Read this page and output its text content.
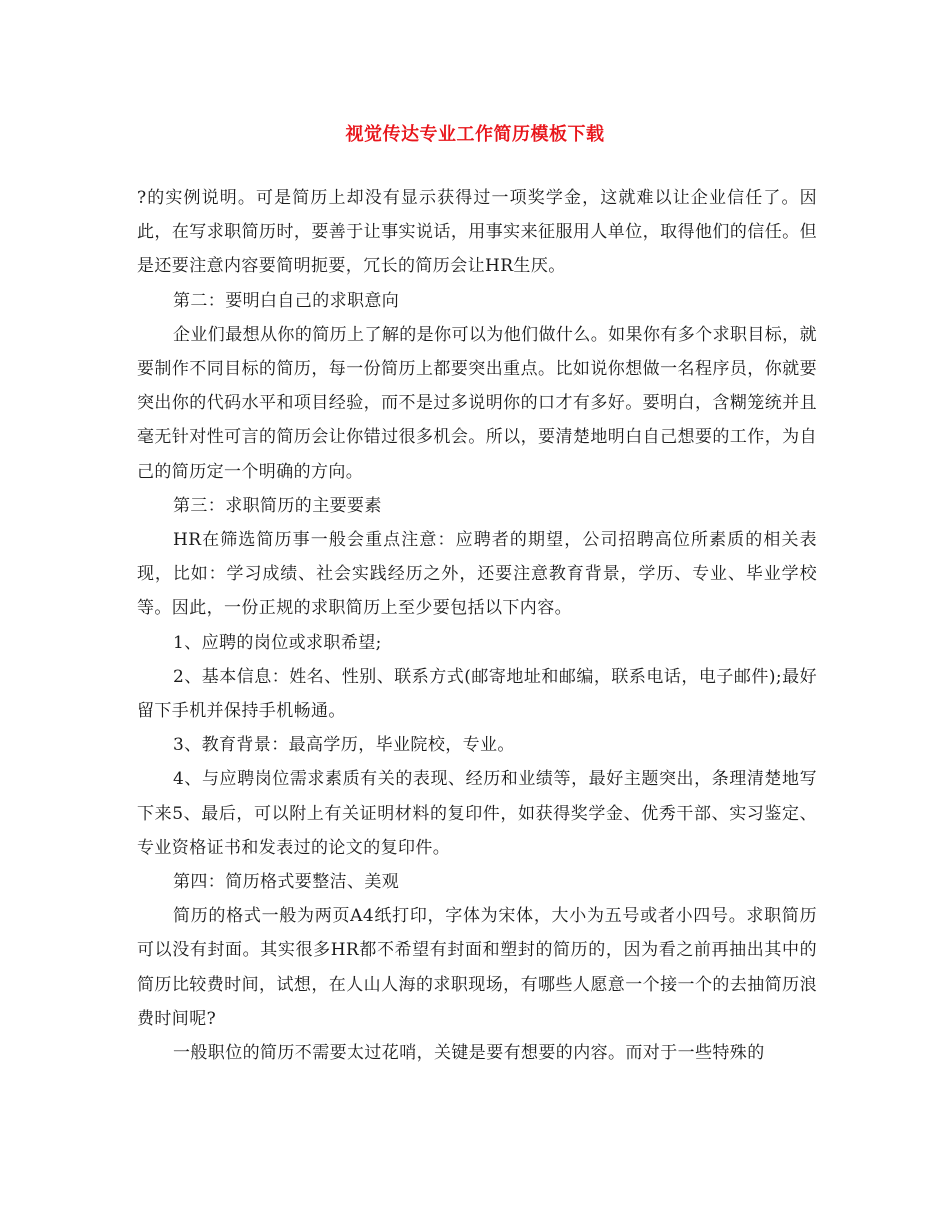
视觉传达专业工作简历模板下载

?的实例说明。可是简历上却没有显示获得过一项奖学金，这就难以让企业信任了。因此，在写求职简历时，要善于让事实说话，用事实来征服用人单位，取得他们的信任。但是还要注意内容要简明扼要，冗长的简历会让HR生厌。

第二：要明白自己的求职意向

企业们最想从你的简历上了解的是你可以为他们做什么。如果你有多个求职目标，就要制作不同目标的简历，每一份简历上都要突出重点。比如说你想做一名程序员，你就要突出你的代码水平和项目经验，而不是过多说明你的口才有多好。要明白，含糊笼统并且毫无针对性可言的简历会让你错过很多机会。所以，要清楚地明白自己想要的工作，为自己的简历定一个明确的方向。

第三：求职简历的主要要素

HR在筛选简历事一般会重点注意：应聘者的期望，公司招聘高位所素质的相关表现，比如：学习成绩、社会实践经历之外，还要注意教育背景，学历、专业、毕业学校等。因此，一份正规的求职简历上至少要包括以下内容。

1、应聘的岗位或求职希望;

2、基本信息：姓名、性别、联系方式(邮寄地址和邮编，联系电话，电子邮件);最好留下手机并保持手机畅通。

3、教育背景：最高学历，毕业院校，专业。

4、与应聘岗位需求素质有关的表现、经历和业绩等，最好主题突出，条理清楚地写下来5、最后，可以附上有关证明材料的复印件，如获得奖学金、优秀干部、实习鉴定、专业资格证书和发表过的论文的复印件。

第四：简历格式要整洁、美观

简历的格式一般为两页A4纸打印，字体为宋体，大小为五号或者小四号。求职简历可以没有封面。其实很多HR都不希望有封面和塑封的简历的，因为看之前再抽出其中的简历比较费时间，试想，在人山人海的求职现场，有哪些人愿意一个接一个的去抽简历浪费时间呢?

一般职位的简历不需要太过花哨，关键是要有想要的内容。而对于一些特殊的
